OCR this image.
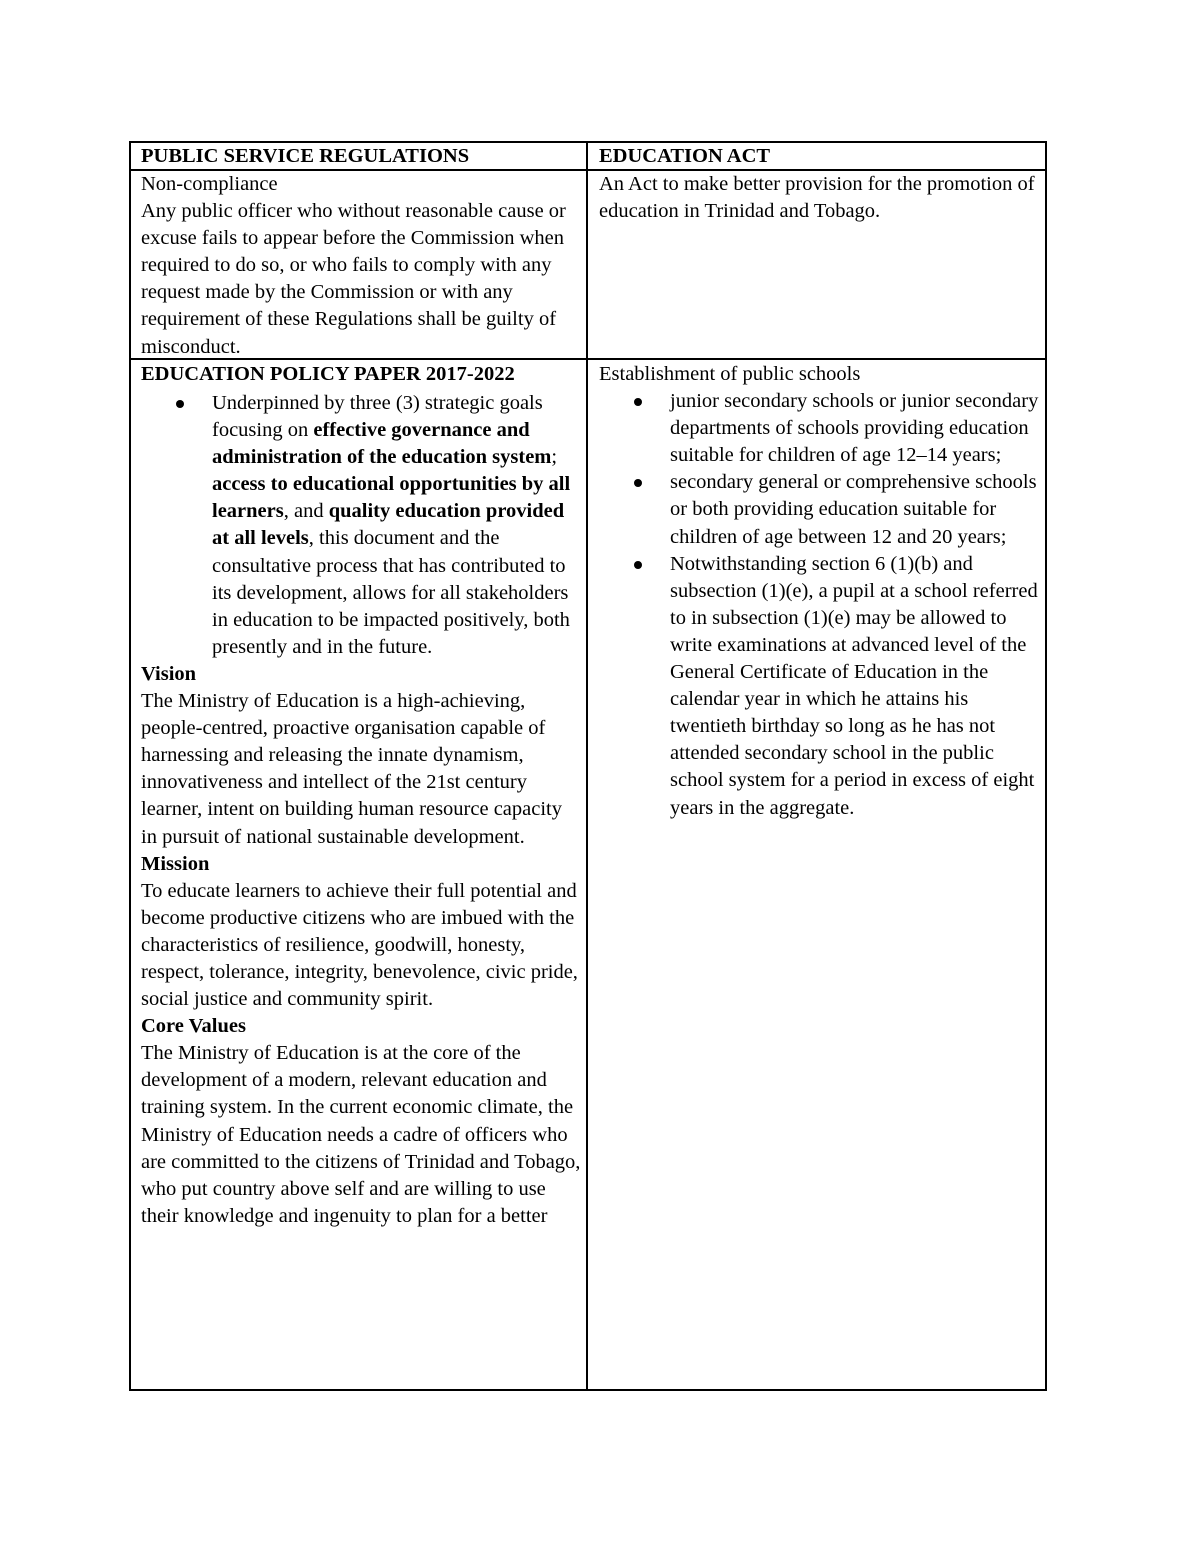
PUBLIC SERVICE REGULATIONS	EDUCATION ACT

Non-compliance

Any public officer who without reasonable cause or excuse fails to appear before the Commission when required to do so, or who fails to comply with any request made by the Commission or with any requirement of these Regulations shall be guilty of misconduct.

An Act to make better provision for the promotion of education in Trinidad and Tobago.

EDUCATION POLICY PAPER 2017-2022	Establishment of public schools

junior secondary schools or junior secondary departments of schools providing education suitable for children of age 12–14 years;
secondary general or comprehensive schools or both providing education suitable for children of age between 12 and 20 years;
Notwithstanding section 6 (1)(b) and subsection (1)(e), a pupil at a school referred to in subsection (1)(e) may be allowed to write examinations at advanced level of the General Certificate of Education in the calendar year in which he attains his twentieth birthday so long as he has not attended secondary school in the public school system for a period in excess of eight years in the aggregate.
Underpinned by three (3) strategic goals focusing on effective governance and administration of the education system; access to educational opportunities by all learners, and quality education provided at all levels, this document and the consultative process that has contributed to its development, allows for all stakeholders in education to be impacted positively, both presently and in the future.

Vision

The Ministry of Education is a high-achieving, people-centred, proactive organisation capable of harnessing and releasing the innate dynamism, innovativeness and intellect of the 21st century learner, intent on building human resource capacity in pursuit of national sustainable development.

Mission

To educate learners to achieve their full potential and become productive citizens who are imbued with the characteristics of resilience, goodwill, honesty, respect, tolerance, integrity, benevolence, civic pride, social justice and community spirit.

Core Values

The Ministry of Education is at the core of the development of a modern, relevant education and training system. In the current economic climate, the Ministry of Education needs a cadre of officers who are committed to the citizens of Trinidad and Tobago, who put country above self and are willing to use their knowledge and ingenuity to plan for a better
